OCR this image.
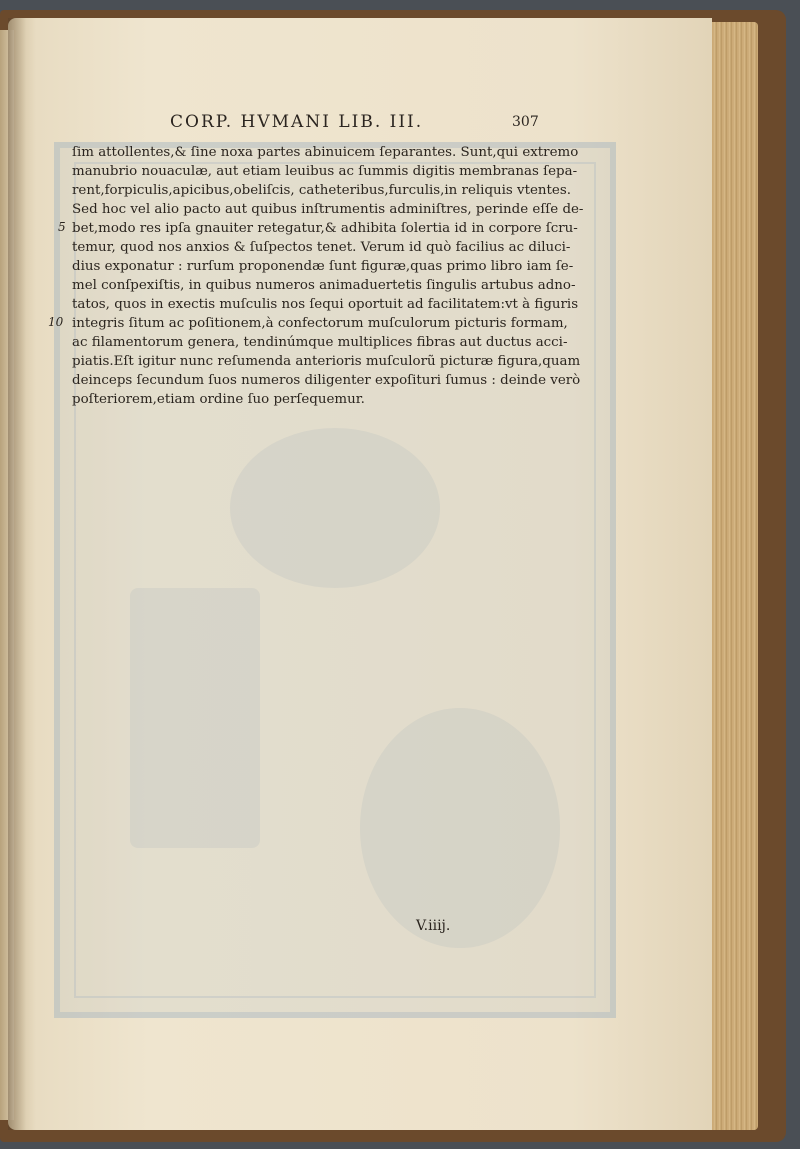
CORP. HVMANI LIB. III.	307
ſim attollentes,& ſine noxa partes abinuicem ſeparantes. Sunt,qui extremo
manubrio nouaculæ, aut etiam leuibus ac ſummis digitis membranas ſepa-
rent,forpiculis,apicibus,obeliſcis, catheteribus,furculis,in reliquis vtentes.
Sed hoc vel alio pacto aut quibus inſtrumentis adminiſtres, perinde eſſe de-
bet,modo res ipſa gnauiter retegatur,& adhibita ſolertia id in corpore ſcru-
temur, quod nos anxios & ſuſpectos tenet. Verum id quò facilius ac diluci-
dius exponatur : rurſum proponendæ ſunt figuræ,quas primo libro iam ſe-
mel conſpexiſtis, in quibus numeros animaduertetis ſingulis artubus adno-
tatos, quos in exectis muſculis nos ſequi oportuit ad facilitatem:vt à figuris
integris ſitum ac poſitionem,à confectorum muſculorum picturis formam,
ac filamentorum genera, tendinúmque multiplices fibras aut ductus acci-
piatis.Eſt igitur nunc reſumenda anterioris muſculorũ picturæ figura,quam
deinceps ſecundum ſuos numeros diligenter expoſituri ſumus : deinde verò
poſteriorem,etiam ordine ſuo perſequemur.
5
10
V.iiij.
